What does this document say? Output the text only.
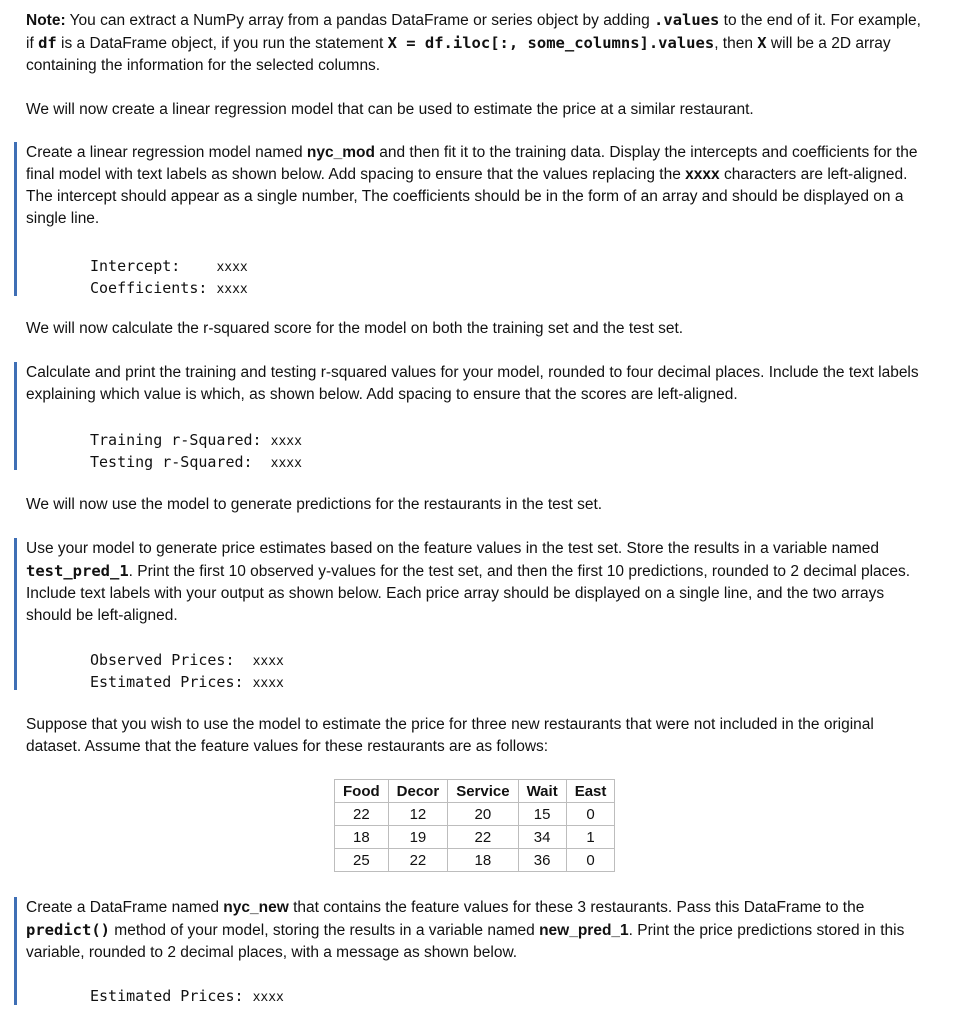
Note: You can extract a NumPy array from a pandas DataFrame or series object by adding .values to the end of it. For example, if df is a DataFrame object, if you run the statement X = df.iloc[:, some_columns].values, then X will be a 2D array containing the information for the selected columns.

We will now create a linear regression model that can be used to estimate the price at a similar restaurant.

Create a linear regression model named nyc_mod and then fit it to the training data. Display the intercepts and coefficients for the final model with text labels as shown below. Add spacing to ensure that the values replacing the xxxx characters are left-aligned. The intercept should appear as a single number, The coefficients should be in the form of an array and should be displayed on a single line.

Intercept:    xxxx
Coefficients: xxxx

We will now calculate the r-squared score for the model on both the training set and the test set.

Calculate and print the training and testing r-squared values for your model, rounded to four decimal places. Include the text labels explaining which value is which, as shown below. Add spacing to ensure that the scores are left-aligned.

Training r-Squared: xxxx
Testing r-Squared:  xxxx

We will now use the model to generate predictions for the restaurants in the test set.

Use your model to generate price estimates based on the feature values in the test set. Store the results in a variable named test_pred_1. Print the first 10 observed y-values for the test set, and then the first 10 predictions, rounded to 2 decimal places. Include text labels with your output as shown below. Each price array should be displayed on a single line, and the two arrays should be left-aligned.

Observed Prices:  xxxx
Estimated Prices: xxxx

Suppose that you wish to use the model to estimate the price for three new restaurants that were not included in the original dataset. Assume that the feature values for these restaurants are as follows:

Food	Decor	Service	Wait	East
22	12	20	15	0
18	19	22	34	1
25	22	18	36	0

Create a DataFrame named nyc_new that contains the feature values for these 3 restaurants. Pass this DataFrame to the predict() method of your model, storing the results in a variable named new_pred_1. Print the price predictions stored in this variable, rounded to 2 decimal places, with a message as shown below.

Estimated Prices: xxxx
